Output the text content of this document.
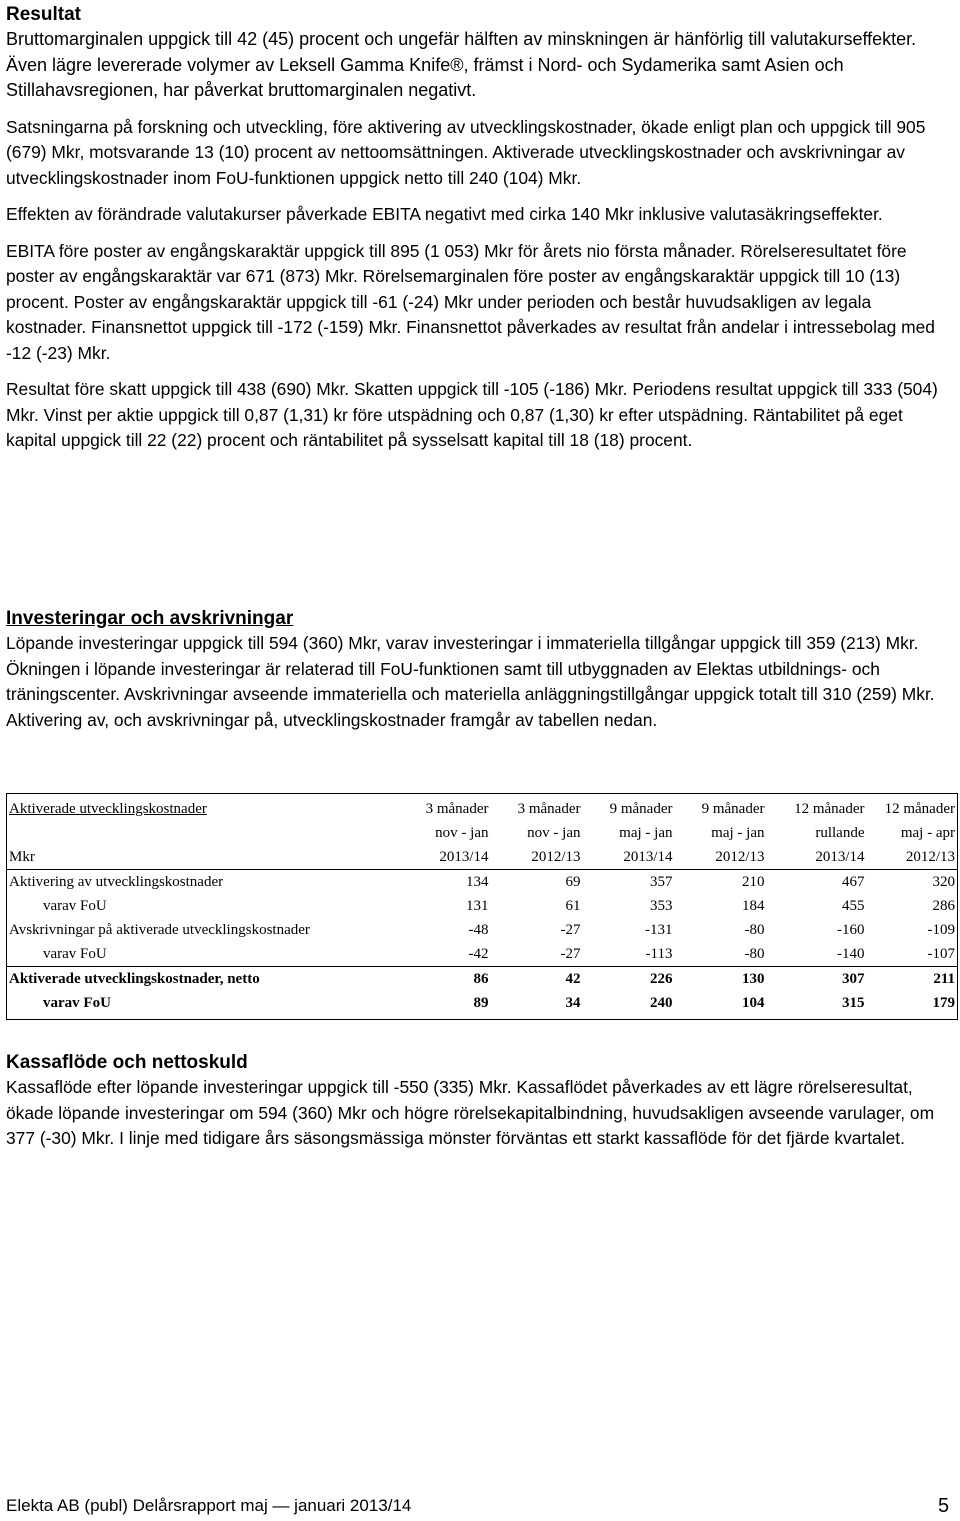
Resultat

Bruttomarginalen uppgick till 42 (45) procent och ungefär hälften av minskningen är hänförlig till valutakurseffekter. Även lägre levererade volymer av Leksell Gamma Knife®, främst i Nord- och Sydamerika samt Asien och Stillahavsregionen, har påverkat bruttomarginalen negativt.

Satsningarna på forskning och utveckling, före aktivering av utvecklingskostnader, ökade enligt plan och uppgick till 905 (679) Mkr, motsvarande 13 (10) procent av nettoomsättningen. Aktiverade utvecklingskostnader och avskrivningar av utvecklingskostnader inom FoU-funktionen uppgick netto till 240 (104) Mkr.

Effekten av förändrade valutakurser påverkade EBITA negativt med cirka 140 Mkr inklusive valutasäkringseffekter.

EBITA före poster av engångskaraktär uppgick till 895 (1 053) Mkr för årets nio första månader. Rörelseresultatet före poster av engångskaraktär var 671 (873) Mkr. Rörelsemarginalen före poster av engångskaraktär uppgick till 10 (13) procent. Poster av engångskaraktär uppgick till -61 (-24) Mkr under perioden och består huvudsakligen av legala kostnader. Finansnettot uppgick till -172 (-159) Mkr. Finansnettot påverkades av resultat från andelar i intressebolag med -12 (-23) Mkr.

Resultat före skatt uppgick till 438 (690) Mkr. Skatten uppgick till -105 (-186) Mkr. Periodens resultat uppgick till 333 (504) Mkr. Vinst per aktie uppgick till 0,87 (1,31) kr före utspädning och 0,87 (1,30) kr efter utspädning. Räntabilitet på eget kapital uppgick till 22 (22) procent och räntabilitet på sysselsatt kapital till 18 (18) procent.

Investeringar och avskrivningar

Löpande investeringar uppgick till 594 (360) Mkr, varav investeringar i immateriella tillgångar uppgick till 359 (213) Mkr. Ökningen i löpande investeringar är relaterad till FoU-funktionen samt till utbyggnaden av Elektas utbildnings- och träningscenter. Avskrivningar avseende immateriella och materiella anläggningstillgångar uppgick totalt till 310 (259) Mkr. Aktivering av, och avskrivningar på, utvecklingskostnader framgår av tabellen nedan.

Aktiverade utvecklingskostnader	3 månader	3 månader	9 månader	9 månader	12 månader	12 månader
	nov - jan	nov - jan	maj - jan	maj - jan	rullande	maj - apr
Mkr	2013/14	2012/13	2013/14	2012/13	2013/14	2012/13
Aktivering av utvecklingskostnader	134	69	357	210	467	320
varav FoU	131	61	353	184	455	286
Avskrivningar på aktiverade utvecklingskostnader	-48	-27	-131	-80	-160	-109
varav FoU	-42	-27	-113	-80	-140	-107
Aktiverade utvecklingskostnader, netto	86	42	226	130	307	211
varav FoU	89	34	240	104	315	179
Kassaflöde och nettoskuld

Kassaflöde efter löpande investeringar uppgick till -550 (335) Mkr. Kassaflödet påverkades av ett lägre rörelseresultat, ökade löpande investeringar om 594 (360) Mkr och högre rörelsekapitalbindning, huvudsakligen avseende varulager, om 377 (-30) Mkr. I linje med tidigare års säsongsmässiga mönster förväntas ett starkt kassaflöde för det fjärde kvartalet.

Elekta AB (publ) Delårsrapport maj — januari 2013/14	5
